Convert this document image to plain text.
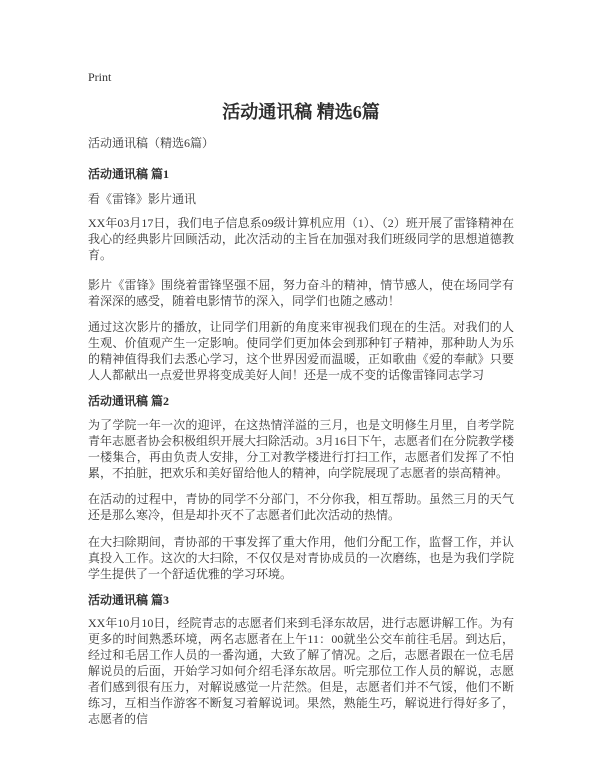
Print
活动通讯稿 精选6篇

活动通讯稿（精选6篇）

活动通讯稿 篇1

看《雷锋》影片通讯

XX年03月17日，我们电子信息系09级计算机应用（1）、（2）班开展了雷锋精神在我心的经典影片回顾活动，此次活动的主旨在加强对我们班级同学的思想道德教育。

影片《雷锋》围绕着雷锋坚强不屈，努力奋斗的精神，情节感人，使在场同学有着深深的感受，随着电影情节的深入，同学们也随之感动！

通过这次影片的播放，让同学们用新的角度来审视我们现在的生活。对我们的人生观、价值观产生一定影响。使同学们更加体会到那种钉子精神，那种助人为乐的精神值得我们去悉心学习，这个世界因爱而温暖，正如歌曲《爱的奉献》只要人人都献出一点爱世界将变成美好人间！还是一成不变的话像雷锋同志学习

活动通讯稿 篇2

为了学院一年一次的迎评，在这热情洋溢的三月，也是文明修生月里，自考学院青年志愿者协会积极组织开展大扫除活动。3月16日下午，志愿者们在分院教学楼一楼集合，再由负责人安排，分工对教学楼进行打扫工作，志愿者们发挥了不怕累，不拍脏，把欢乐和美好留给他人的精神，向学院展现了志愿者的崇高精神。

在活动的过程中，青协的同学不分部门，不分你我，相互帮助。虽然三月的天气还是那么寒冷，但是却扑灭不了志愿者们此次活动的热情。

在大扫除期间，青协部的干事发挥了重大作用，他们分配工作，监督工作，并认真投入工作。这次的大扫除，不仅仅是对青协成员的一次磨练，也是为我们学院学生提供了一个舒适优雅的学习环境。

活动通讯稿 篇3

XX年10月10日，经院青志的志愿者们来到毛泽东故居，进行志愿讲解工作。为有更多的时间熟悉环境，两名志愿者在上午11：00就坐公交车前往毛居。到达后，经过和毛居工作人员的一番沟通，大致了解了情况。之后，志愿者跟在一位毛居解说员的后面，开始学习如何介绍毛泽东故居。听完那位工作人员的解说，志愿者们感到很有压力，对解说感觉一片茫然。但是，志愿者们并不气馁，他们不断练习，互相当作游客不断复习着解说词。果然，熟能生巧，解说进行得好多了，志愿者的信
